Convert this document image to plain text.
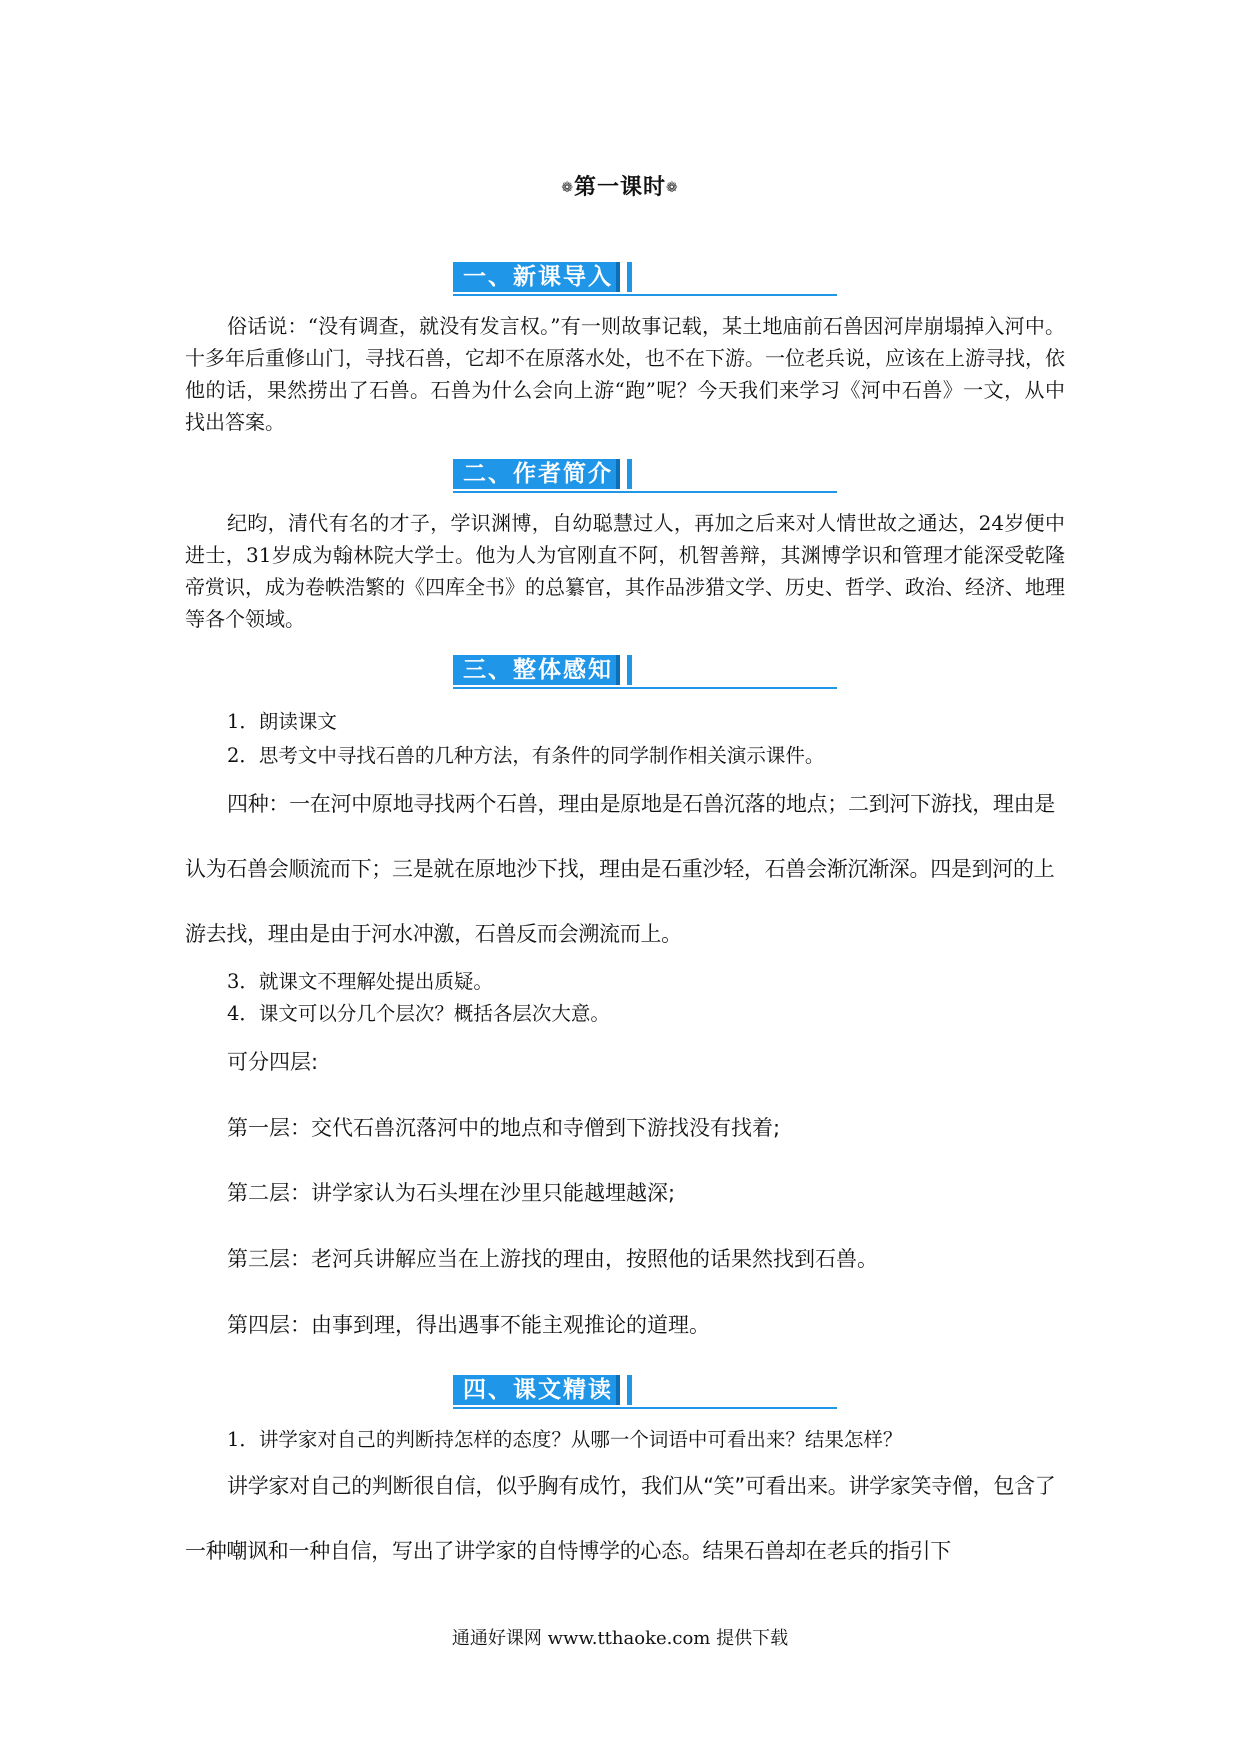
❁第一课时❁
一、新课导入

俗话说：“没有调查，就没有发言权。”有一则故事记载，某土地庙前石兽因河岸崩塌掉入河中。十多年后重修山门，寻找石兽，它却不在原落水处，也不在下游。一位老兵说，应该在上游寻找，依他的话，果然捞出了石兽。石兽为什么会向上游“跑”呢？今天我们来学习《河中石兽》一文，从中找出答案。

二、作者简介

纪昀，清代有名的才子，学识渊博，自幼聪慧过人，再加之后来对人情世故之通达，24岁便中进士，31岁成为翰林院大学士。他为人为官刚直不阿，机智善辩，其渊博学识和管理才能深受乾隆帝赏识，成为卷帙浩繁的《四库全书》的总纂官，其作品涉猎文学、历史、哲学、政治、经济、地理等各个领域。

三、整体感知

1．朗读课文

2．思考文中寻找石兽的几种方法，有条件的同学制作相关演示课件。

四种：一在河中原地寻找两个石兽，理由是原地是石兽沉落的地点；二到河下游找，理由是认为石兽会顺流而下；三是就在原地沙下找，理由是石重沙轻，石兽会渐沉渐深。四是到河的上游去找，理由是由于河水冲激，石兽反而会溯流而上。

3．就课文不理解处提出质疑。

4．课文可以分几个层次？概括各层次大意。

可分四层:

第一层：交代石兽沉落河中的地点和寺僧到下游找没有找着;

第二层：讲学家认为石头埋在沙里只能越埋越深;

第三层：老河兵讲解应当在上游找的理由，按照他的话果然找到石兽。

第四层：由事到理，得出遇事不能主观推论的道理。

四、课文精读

1．讲学家对自己的判断持怎样的态度？从哪一个词语中可看出来？结果怎样？

讲学家对自己的判断很自信，似乎胸有成竹，我们从“笑”可看出来。讲学家笑寺僧，包含了一种嘲讽和一种自信，写出了讲学家的自恃博学的心态。结果石兽却在老兵的指引下

通通好课网 www.tthaoke.com 提供下载
